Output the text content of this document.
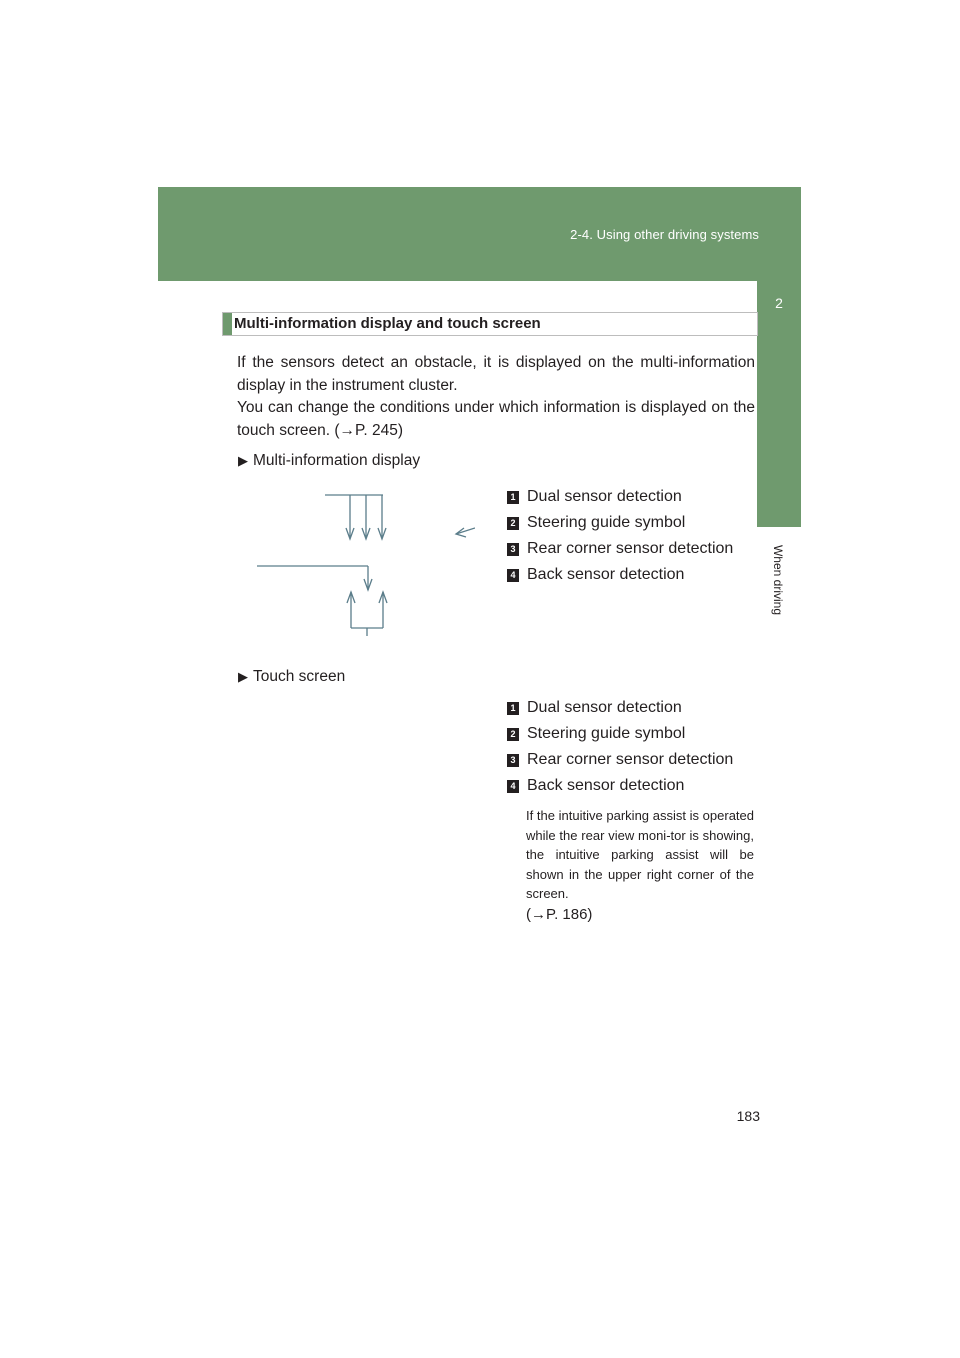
2-4. Using other driving systems
2
When driving
Multi-information display and touch screen

If the sensors detect an obstacle, it is displayed on the multi-information display in the instrument cluster.

You can change the conditions under which information is displayed on the touch screen. (→P. 245)

▶ Multi-information display
1 Dual sensor detection
2 Steering guide symbol
3 Rear corner sensor detection
4 Back sensor detection
▶ Touch screen
1 Dual sensor detection
2 Steering guide symbol
3 Rear corner sensor detection
4 Back sensor detection

If the intuitive parking assist is operated while the rear view moni-tor is showing, the intuitive parking assist will be shown in the upper right corner of the screen.

(→P. 186)

183
